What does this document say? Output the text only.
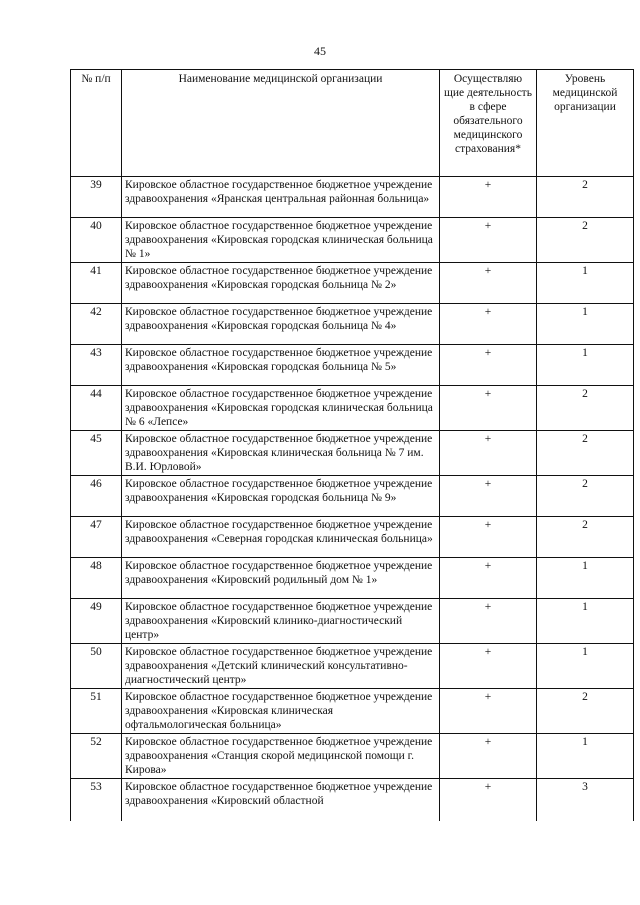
45
№ п/п	Наименование медицинской организации	Осуществляю щие деятельность в сфере обязательного медицинского страхования*	Уровень медицинской организации
39	Кировское областное государственное бюджетное учреждение здравоохранения «Яранская центральная районная больница»	+	2
40	Кировское областное государственное бюджетное учреждение здравоохранения «Кировская городская клиническая больница № 1»	+	2
41	Кировское областное государственное бюджетное учреждение здравоохранения «Кировская городская больница № 2»	+	1
42	Кировское областное государственное бюджетное учреждение здравоохранения «Кировская городская больница № 4»	+	1
43	Кировское областное государственное бюджетное учреждение здравоохранения «Кировская городская больница № 5»	+	1
44	Кировское областное государственное бюджетное учреждение здравоохранения «Кировская городская клиническая больница № 6 «Лепсе»	+	2
45	Кировское областное государственное бюджетное учреждение здравоохранения «Кировская клиническая больница № 7 им. В.И. Юрловой»	+	2
46	Кировское областное государственное бюджетное учреждение здравоохранения «Кировская городская больница № 9»	+	2
47	Кировское областное государственное бюджетное учреждение здравоохранения «Северная городская клиническая больница»	+	2
48	Кировское областное государственное бюджетное учреждение здравоохранения «Кировский родильный дом № 1»	+	1
49	Кировское областное государственное бюджетное учреждение здравоохранения «Кировский клинико-диагностический центр»	+	1
50	Кировское областное государственное бюджетное учреждение здравоохранения «Детский клинический консультативно-диагностический центр»	+	1
51	Кировское областное государственное бюджетное учреждение здравоохранения «Кировская клиническая офтальмологическая больница»	+	2
52	Кировское областное государственное бюджетное учреждение здравоохранения «Станция скорой медицинской помощи г. Кирова»	+	1
53	Кировское областное государственное бюджетное учреждение здравоохранения «Кировский областной	+	3
